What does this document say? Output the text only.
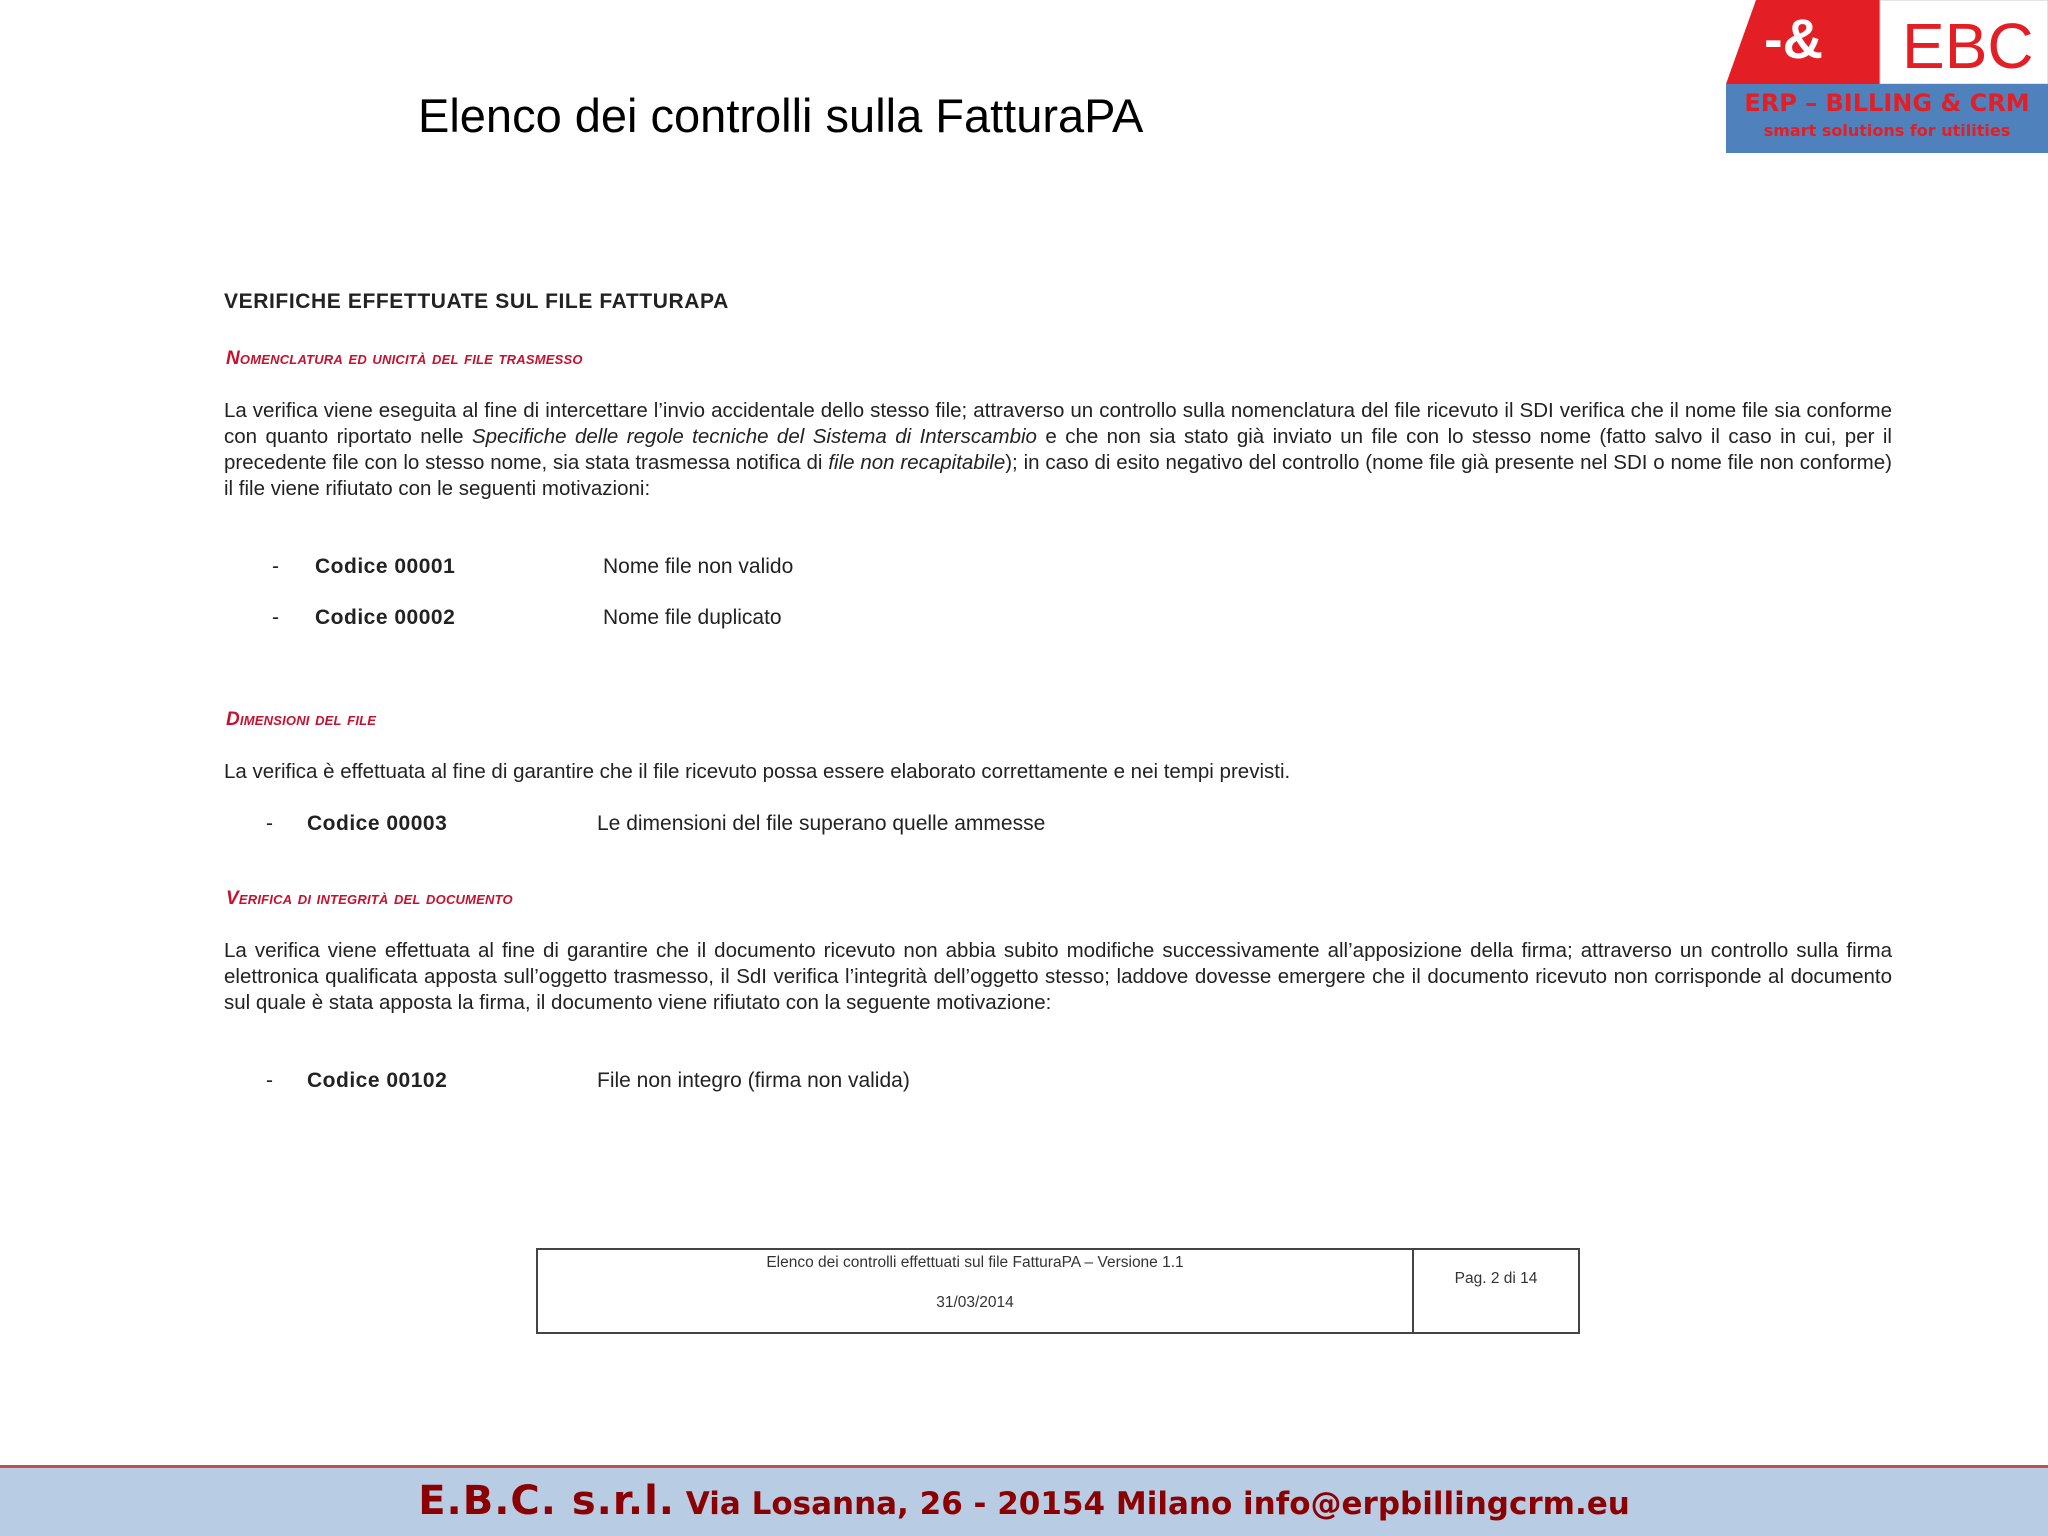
Elenco dei controlli sulla FatturaPA
-& EBC
ERP – BILLING & CRM
smart solutions for utilities
VERIFICHE EFFETTUATE SUL FILE FATTURAPA
Nomenclatura ed unicità del file trasmesso
La verifica viene eseguita al fine di intercettare l’invio accidentale dello stesso file; attraverso un controllo sulla nomenclatura del file ricevuto il SDI verifica che il nome file sia conforme con quanto riportato nelle Specifiche delle regole tecniche del Sistema di Interscambio e che non sia stato già inviato un file con lo stesso nome (fatto salvo il caso in cui, per il precedente file con lo stesso nome, sia stata trasmessa notifica di file non recapitabile); in caso di esito negativo del controllo (nome file già presente nel SDI o nome file non conforme) il file viene rifiutato con le seguenti motivazioni:
- Codice 00001	Nome file non valido
- Codice 00002	Nome file duplicato
Dimensioni del file
La verifica è effettuata al fine di garantire che il file ricevuto possa essere elaborato correttamente e nei tempi previsti.
- Codice 00003	Le dimensioni del file superano quelle ammesse
Verifica di integrità del documento
La verifica viene effettuata al fine di garantire che il documento ricevuto non abbia subito modifiche successivamente all’apposizione della firma; attraverso un controllo sulla firma elettronica qualificata apposta sull’oggetto trasmesso, il SdI verifica l’integrità dell’oggetto stesso; laddove dovesse emergere che il documento ricevuto non corrisponde al documento sul quale è stata apposta la firma, il documento viene rifiutato con la seguente motivazione:
- Codice 00102	File non integro (firma non valida)
Elenco dei controlli effettuati sul file FatturaPA – Versione 1.1
31/03/2014
Pag. 2 di 14
E.B.C. s.r.l. Via Losanna, 26 - 20154 Milano info@erpbillingcrm.eu
